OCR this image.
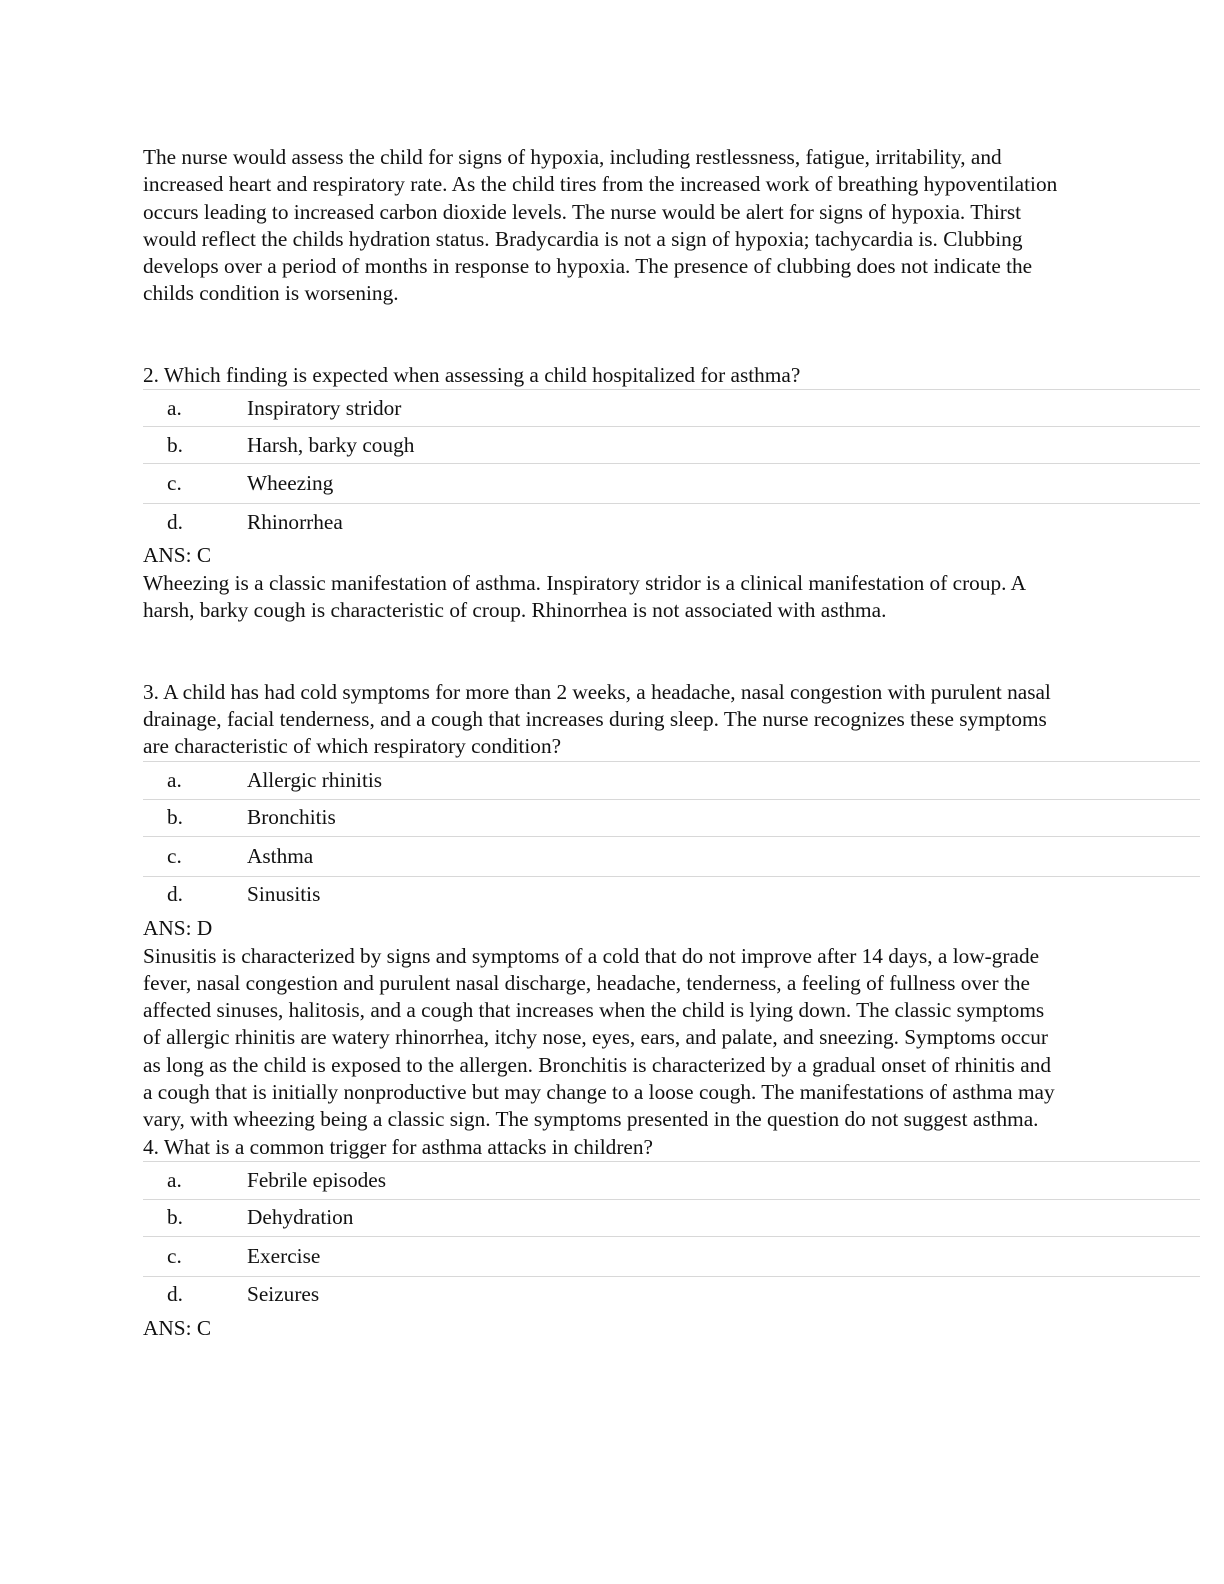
The nurse would assess the child for signs of hypoxia, including restlessness, fatigue, irritability, and increased heart and respiratory rate. As the child tires from the increased work of breathing hypoventilation occurs leading to increased carbon dioxide levels. The nurse would be alert for signs of hypoxia. Thirst would reflect the childs hydration status. Bradycardia is not a sign of hypoxia; tachycardia is. Clubbing develops over a period of months in response to hypoxia. The presence of clubbing does not indicate the childs condition is worsening.

2. Which finding is expected when assessing a child hospitalized for asthma?

a.	Inspiratory stridor
b.	Harsh, barky cough
c.	Wheezing
d.	Rhinorrhea

ANS: C

Wheezing is a classic manifestation of asthma. Inspiratory stridor is a clinical manifestation of croup. A harsh, barky cough is characteristic of croup. Rhinorrhea is not associated with asthma.

3. A child has had cold symptoms for more than 2 weeks, a headache, nasal congestion with purulent nasal drainage, facial tenderness, and a cough that increases during sleep. The nurse recognizes these symptoms are characteristic of which respiratory condition?

a.	Allergic rhinitis
b.	Bronchitis
c.	Asthma
d.	Sinusitis

ANS: D

Sinusitis is characterized by signs and symptoms of a cold that do not improve after 14 days, a low-grade fever, nasal congestion and purulent nasal discharge, headache, tenderness, a feeling of fullness over the affected sinuses, halitosis, and a cough that increases when the child is lying down. The classic symptoms of allergic rhinitis are watery rhinorrhea, itchy nose, eyes, ears, and palate, and sneezing. Symptoms occur as long as the child is exposed to the allergen. Bronchitis is characterized by a gradual onset of rhinitis and a cough that is initially nonproductive but may change to a loose cough. The manifestations of asthma may vary, with wheezing being a classic sign. The symptoms presented in the question do not suggest asthma.

4. What is a common trigger for asthma attacks in children?

a.	Febrile episodes
b.	Dehydration
c.	Exercise
d.	Seizures

ANS: C
